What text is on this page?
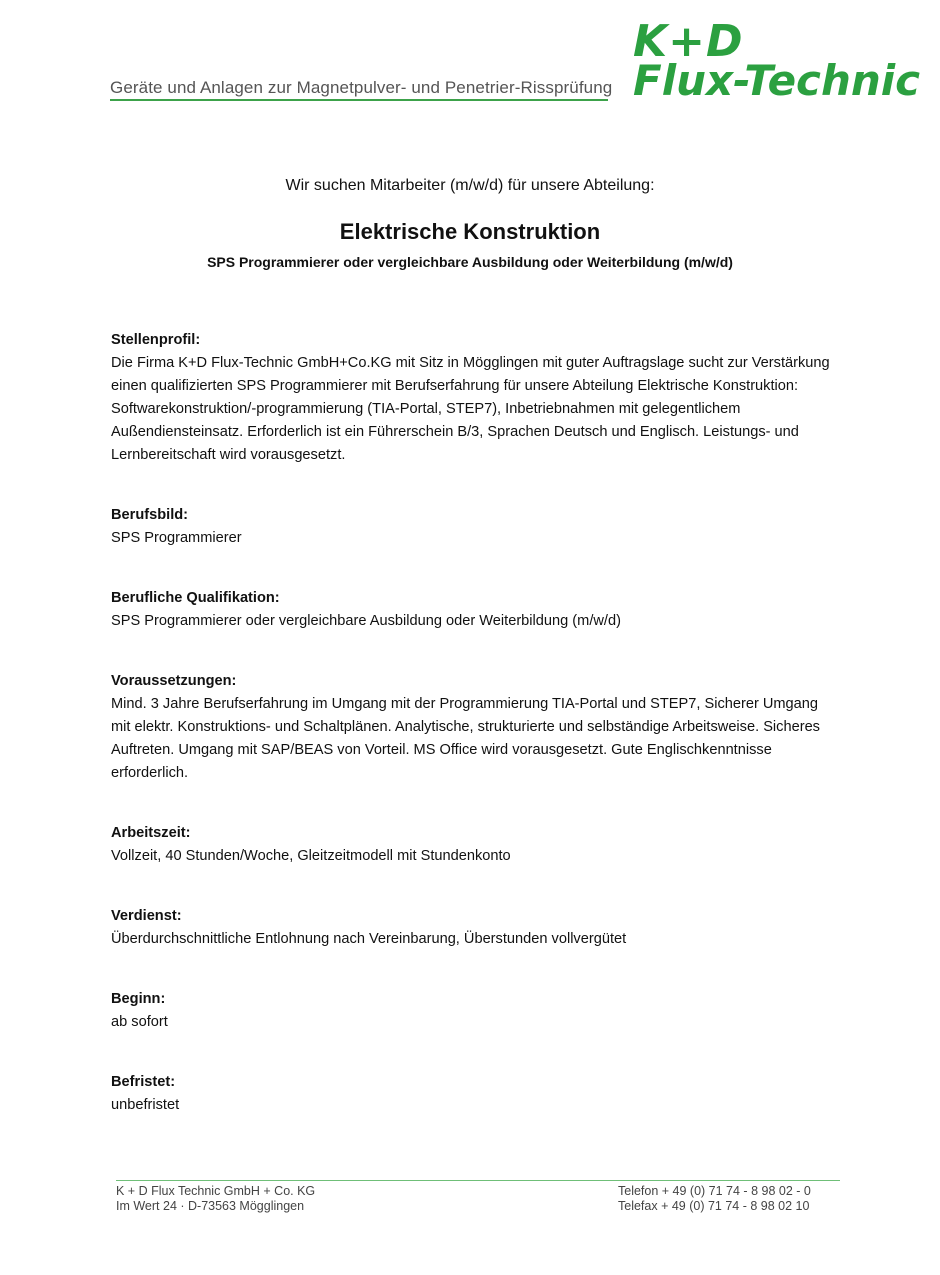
Geräte und Anlagen zur Magnetpulver- und Penetrier-Rissprüfung
K+D
Flux-Technic
Wir suchen Mitarbeiter (m/w/d) für unsere Abteilung:
Elektrische Konstruktion
SPS Programmierer oder vergleichbare Ausbildung oder Weiterbildung (m/w/d)
Stellenprofil:

Die Firma K+D Flux-Technic GmbH+Co.KG mit Sitz in Mögglingen mit guter Auftragslage sucht zur Verstärkung einen qualifizierten SPS Programmierer mit Berufserfahrung für unsere Abteilung Elektrische Konstruktion: Softwarekonstruktion/-programmierung (TIA-Portal, STEP7), Inbetriebnahmen mit gelegentlichem Außendiensteinsatz. Erforderlich ist ein Führerschein B/3, Sprachen Deutsch und Englisch. Leistungs- und Lernbereitschaft wird vorausgesetzt.

Berufsbild:

SPS Programmierer

Berufliche Qualifikation:

SPS Programmierer oder vergleichbare Ausbildung oder Weiterbildung (m/w/d)

Voraussetzungen:

Mind. 3 Jahre Berufserfahrung im Umgang mit der Programmierung TIA-Portal und STEP7, Sicherer Umgang mit elektr. Konstruktions- und Schaltplänen. Analytische, strukturierte und selbständige Arbeitsweise. Sicheres Auftreten. Umgang mit SAP/BEAS von Vorteil. MS Office wird vorausgesetzt. Gute Englischkenntnisse erforderlich.

Arbeitszeit:

Vollzeit, 40 Stunden/Woche, Gleitzeitmodell mit Stundenkonto

Verdienst:

Überdurchschnittliche Entlohnung nach Vereinbarung, Überstunden vollvergütet

Beginn:

ab sofort

Befristet:

unbefristet

K + D Flux Technic GmbH + Co. KG
Im Wert 24 · D-73563 Mögglingen
Telefon + 49 (0) 71 74 - 8 98 02 - 0
Telefax + 49 (0) 71 74 - 8 98 02 10
